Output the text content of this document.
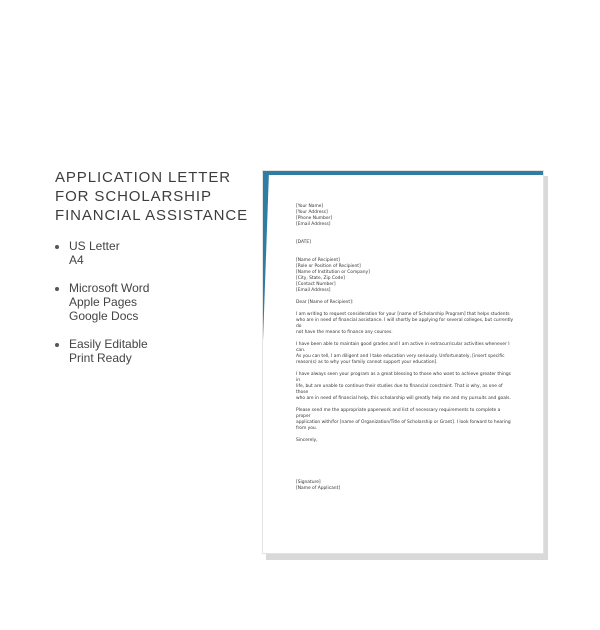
APPLICATION LETTER
FOR SCHOLARSHIP
FINANCIAL ASSISTANCE
US Letter
A4
Microsoft Word
Apple Pages
Google Docs
Easily Editable
Print Ready
[Your Name]
[Your Address]
[Phone Number]
[Email Address]
[DATE]
[Name of Recipient]
[Role or Position of Recipient]
[Name of Institution or Company]
[City, State, Zip Code]
[Contact Number]
[Email Address]
Dear [Name of Recipient]:
I am writing to request consideration for your [name of Scholarship Program] that helps students
who are in need of financial assistance. I will shortly be applying for several colleges, but currently do
not have the means to finance any courses.
I have been able to maintain good grades and I am active in extracurricular activities whenever I can.
As you can tell, I am diligent and I take education very seriously. Unfortunately, [insert specific
reason(s) as to why your family cannot support your education].
I have always seen your program as a great blessing to those who want to achieve greater things in
life, but are unable to continue their studies due to financial constraint. That is why, as one of those
who are in need of financial help, this scholarship will greatly help me and my pursuits and goals.
Please send me the appropriate paperwork and list of necessary requirements to complete a proper
application with/for [name of Organization/Title of Scholarship or Grant]. I look forward to hearing
from you.
Sincerely,
[Signature]
[Name of Applicant]
